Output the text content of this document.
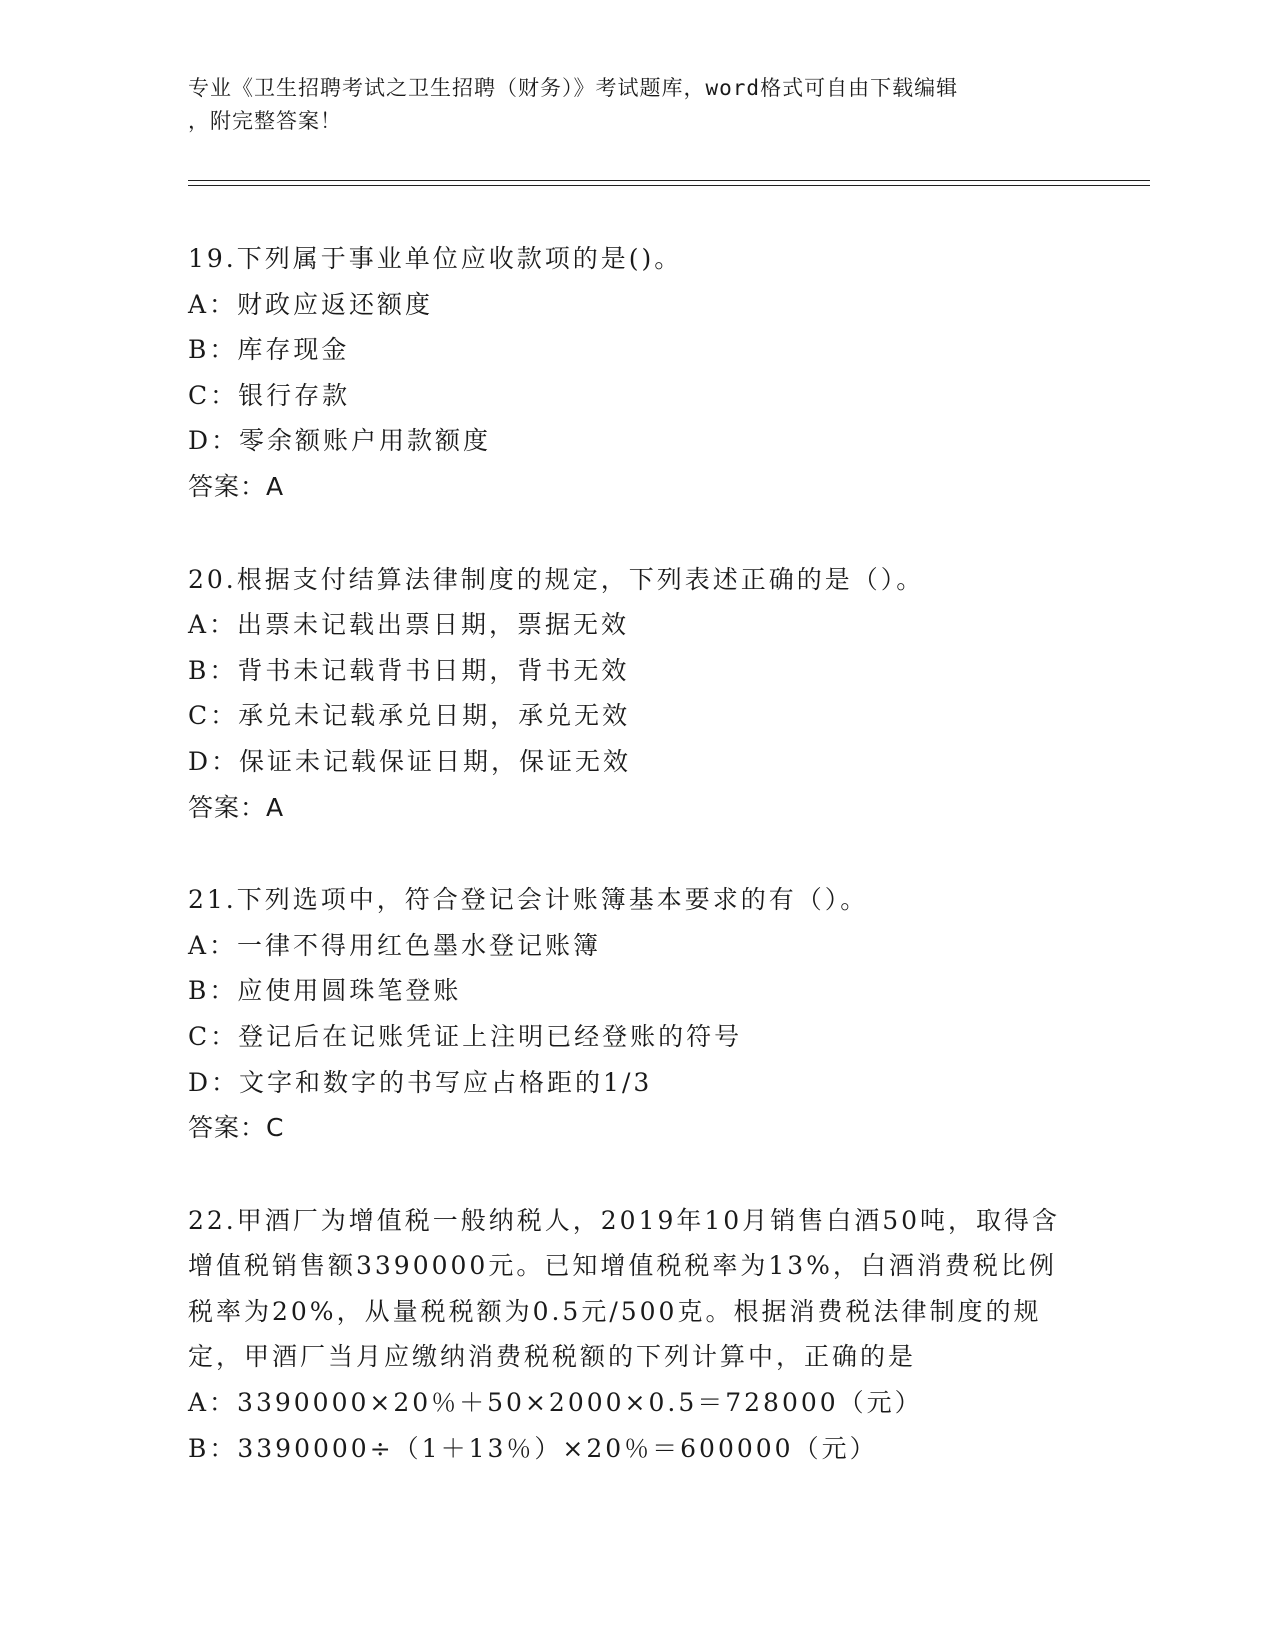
专业《卫生招聘考试之卫生招聘（财务）》考试题库，word格式可自由下载编辑
，附完整答案！
19.下列属于事业单位应收款项的是()。
A：财政应返还额度
B：库存现金
C：银行存款
D：零余额账户用款额度
答案：A
20.根据支付结算法律制度的规定，下列表述正确的是（）。
A：出票未记载出票日期，票据无效
B：背书未记载背书日期，背书无效
C：承兑未记载承兑日期，承兑无效
D：保证未记载保证日期，保证无效
答案：A
21.下列选项中，符合登记会计账簿基本要求的有（）。
A：一律不得用红色墨水登记账簿
B：应使用圆珠笔登账
C：登记后在记账凭证上注明已经登账的符号
D：文字和数字的书写应占格距的1/3
答案：C
22.甲酒厂为增值税一般纳税人，2019年10月销售白酒50吨，取得含
增值税销售额3390000元。已知增值税税率为13%，白酒消费税比例
税率为20%，从量税税额为0.5元/500克。根据消费税法律制度的规
定，甲酒厂当月应缴纳消费税税额的下列计算中，正确的是
A：3390000×20％＋50×2000×0.5＝728000（元）
B：3390000÷（1＋13％）×20％＝600000（元）
